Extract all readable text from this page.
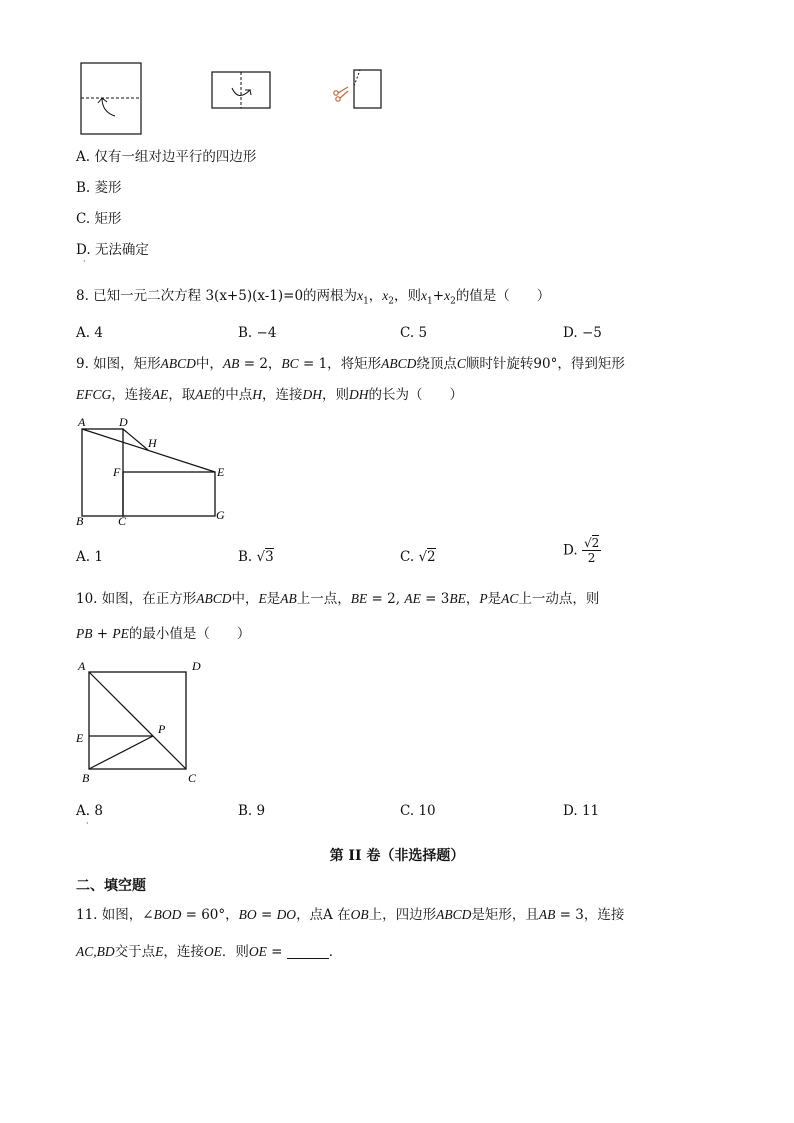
A. 仅有一组对边平行的四边形
B. 菱形
C. 矩形
D. 无法确定
·
8. 已知一元二次方程 3(x+5)(x-1)=0的两根为$x_1$，$x_2$，则$x_1+x_2$的值是（　　）
A. 4	B. −4	C. 5	D. −5
9. 如图，矩形ABCD中，AB = 2，BC = 1，将矩形ABCD绕顶点C顺时针旋转90°，得到矩形
EFCG，连接AE，取AE的中点H，连接DH，则DH的长为（　　）
A	D
H
F	E
B	C	G
A. 1	B. √3	C. √2	D. $\frac{√2}{2}$
10. 如图，在正方形ABCD中，E是AB上一点，BE = 2, AE = 3BE，P是AC上一动点，则
PB + PE的最小值是（　　）
A	D
E
P
B	C
A. 8
·
B. 9	C. 10	D. 11
第 II 卷（非选择题）
二、填空题
11. 如图，∠BOD = 60°，BO = DO，点A 在OB上，四边形ABCD是矩形，且AB = 3，连接
AC,BD交于点E，连接OE．则OE =	．
